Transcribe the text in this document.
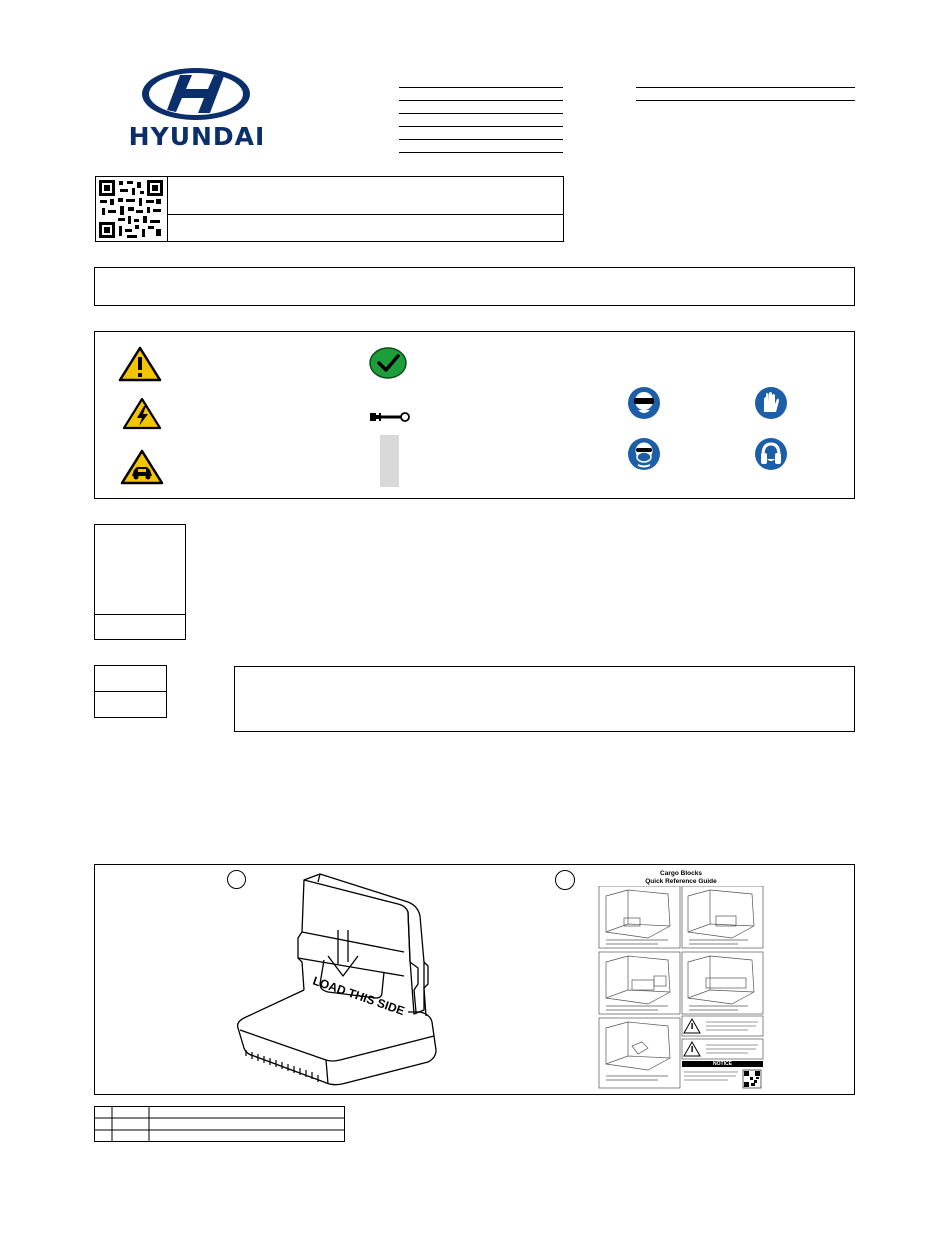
HYUNDAI
LOAD THIS SIDE
Cargo Blocks
Quick Reference Guide
NOTICE
